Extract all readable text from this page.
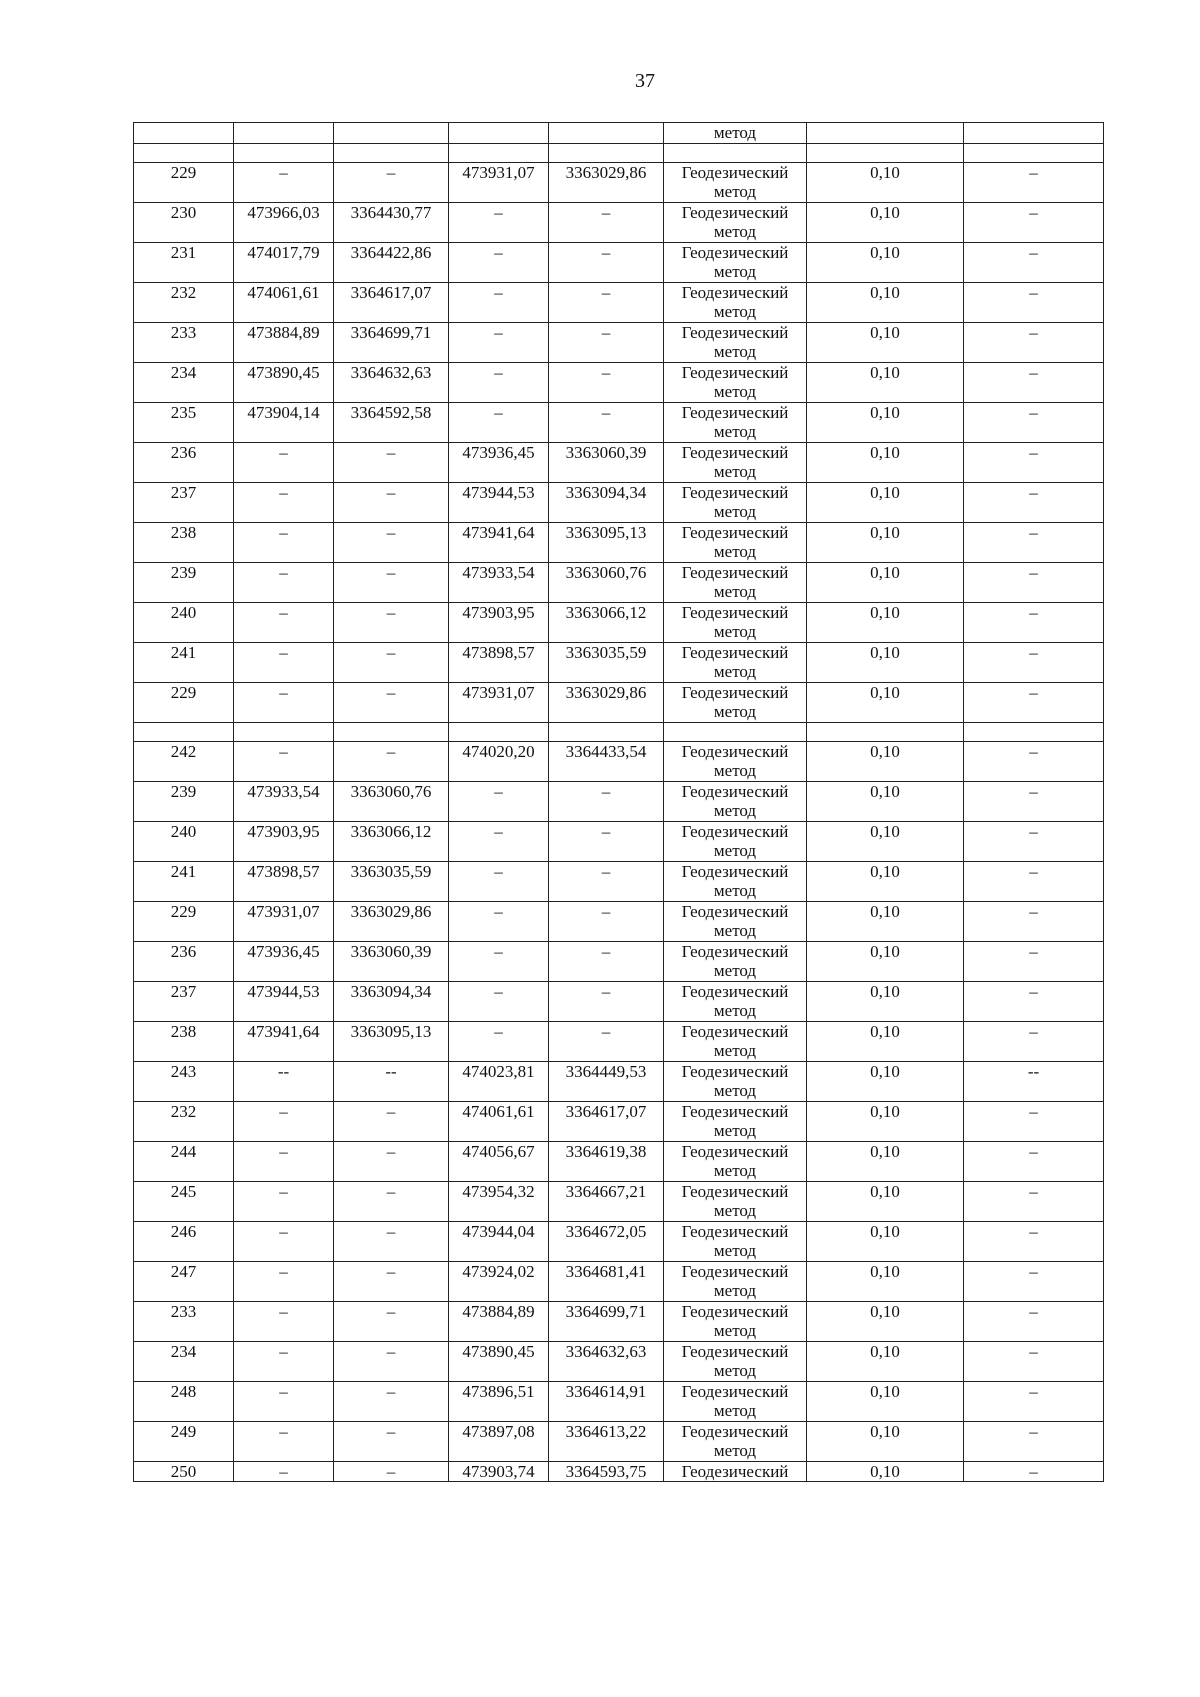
37
					метод		

229	–	–	473931,07	3363029,86	Геодезический
метод	0,10	–
230	473966,03	3364430,77	–	–	Геодезический
метод	0,10	–
231	474017,79	3364422,86	–	–	Геодезический
метод	0,10	–
232	474061,61	3364617,07	–	–	Геодезический
метод	0,10	–
233	473884,89	3364699,71	–	–	Геодезический
метод	0,10	–
234	473890,45	3364632,63	–	–	Геодезический
метод	0,10	–
235	473904,14	3364592,58	–	–	Геодезический
метод	0,10	–
236	–	–	473936,45	3363060,39	Геодезический
метод	0,10	–
237	–	–	473944,53	3363094,34	Геодезический
метод	0,10	–
238	–	–	473941,64	3363095,13	Геодезический
метод	0,10	–
239	–	–	473933,54	3363060,76	Геодезический
метод	0,10	–
240	–	–	473903,95	3363066,12	Геодезический
метод	0,10	–
241	–	–	473898,57	3363035,59	Геодезический
метод	0,10	–
229	–	–	473931,07	3363029,86	Геодезический
метод	0,10	–

242	–	–	474020,20	3364433,54	Геодезический
метод	0,10	–
239	473933,54	3363060,76	–	–	Геодезический
метод	0,10	–
240	473903,95	3363066,12	–	–	Геодезический
метод	0,10	–
241	473898,57	3363035,59	–	–	Геодезический
метод	0,10	–
229	473931,07	3363029,86	–	–	Геодезический
метод	0,10	–
236	473936,45	3363060,39	–	–	Геодезический
метод	0,10	–
237	473944,53	3363094,34	–	–	Геодезический
метод	0,10	–
238	473941,64	3363095,13	–	–	Геодезический
метод	0,10	–
243	--	--	474023,81	3364449,53	Геодезический
метод	0,10	--
232	–	–	474061,61	3364617,07	Геодезический
метод	0,10	–
244	–	–	474056,67	3364619,38	Геодезический
метод	0,10	–
245	–	–	473954,32	3364667,21	Геодезический
метод	0,10	–
246	–	–	473944,04	3364672,05	Геодезический
метод	0,10	–
247	–	–	473924,02	3364681,41	Геодезический
метод	0,10	–
233	–	–	473884,89	3364699,71	Геодезический
метод	0,10	–
234	–	–	473890,45	3364632,63	Геодезический
метод	0,10	–
248	–	–	473896,51	3364614,91	Геодезический
метод	0,10	–
249	–	–	473897,08	3364613,22	Геодезический
метод	0,10	–
250	–	–	473903,74	3364593,75	Геодезический	0,10	–
